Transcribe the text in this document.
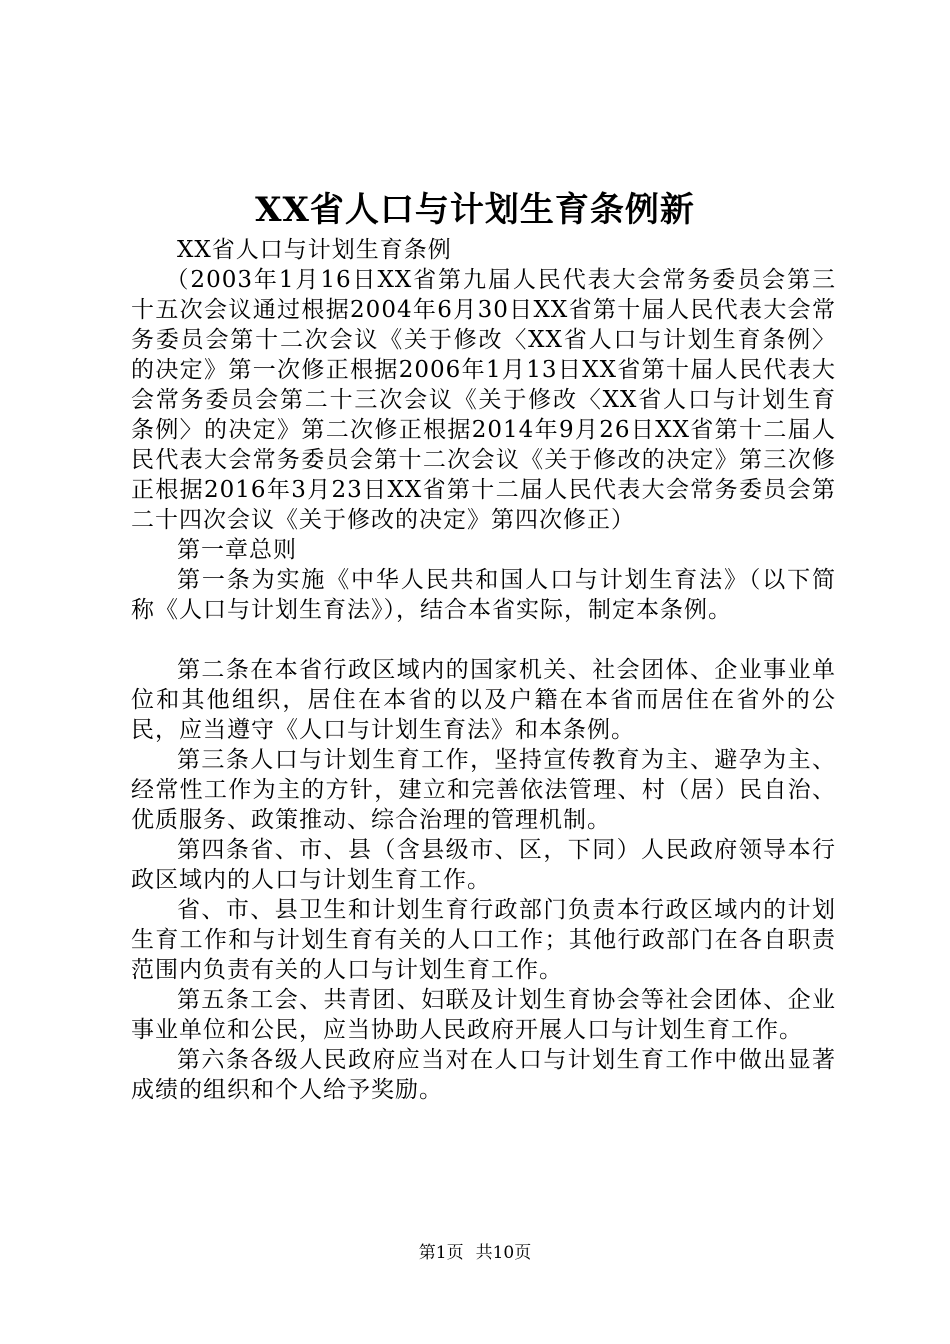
XX省人口与计划生育条例新

XX省人口与计划生育条例

（2003年1月16日XX省第九届人民代表大会常务委员会第三十五次会议通过根据2004年6月30日XX省第十届人民代表大会常务委员会第十二次会议《关于修改〈XX省人口与计划生育条例〉的决定》第一次修正根据2006年1月13日XX省第十届人民代表大会常务委员会第二十三次会议《关于修改〈XX省人口与计划生育条例〉的决定》第二次修正根据2014年9月26日XX省第十二届人民代表大会常务委员会第十二次会议《关于修改的决定》第三次修正根据2016年3月23日XX省第十二届人民代表大会常务委员会第二十四次会议《关于修改的决定》第四次修正）

第一章总则

第一条为实施《中华人民共和国人口与计划生育法》（以下简称《人口与计划生育法》），结合本省实际，制定本条例。

第二条在本省行政区域内的国家机关、社会团体、企业事业单位和其他组织，居住在本省的以及户籍在本省而居住在省外的公民，应当遵守《人口与计划生育法》和本条例。

第三条人口与计划生育工作，坚持宣传教育为主、避孕为主、经常性工作为主的方针，建立和完善依法管理、村（居）民自治、优质服务、政策推动、综合治理的管理机制。

第四条省、市、县（含县级市、区，下同）人民政府领导本行政区域内的人口与计划生育工作。

省、市、县卫生和计划生育行政部门负责本行政区域内的计划生育工作和与计划生育有关的人口工作；其他行政部门在各自职责范围内负责有关的人口与计划生育工作。

第五条工会、共青团、妇联及计划生育协会等社会团体、企业事业单位和公民，应当协助人民政府开展人口与计划生育工作。

第六条各级人民政府应当对在人口与计划生育工作中做出显著成绩的组织和个人给予奖励。

第1页 共10页
